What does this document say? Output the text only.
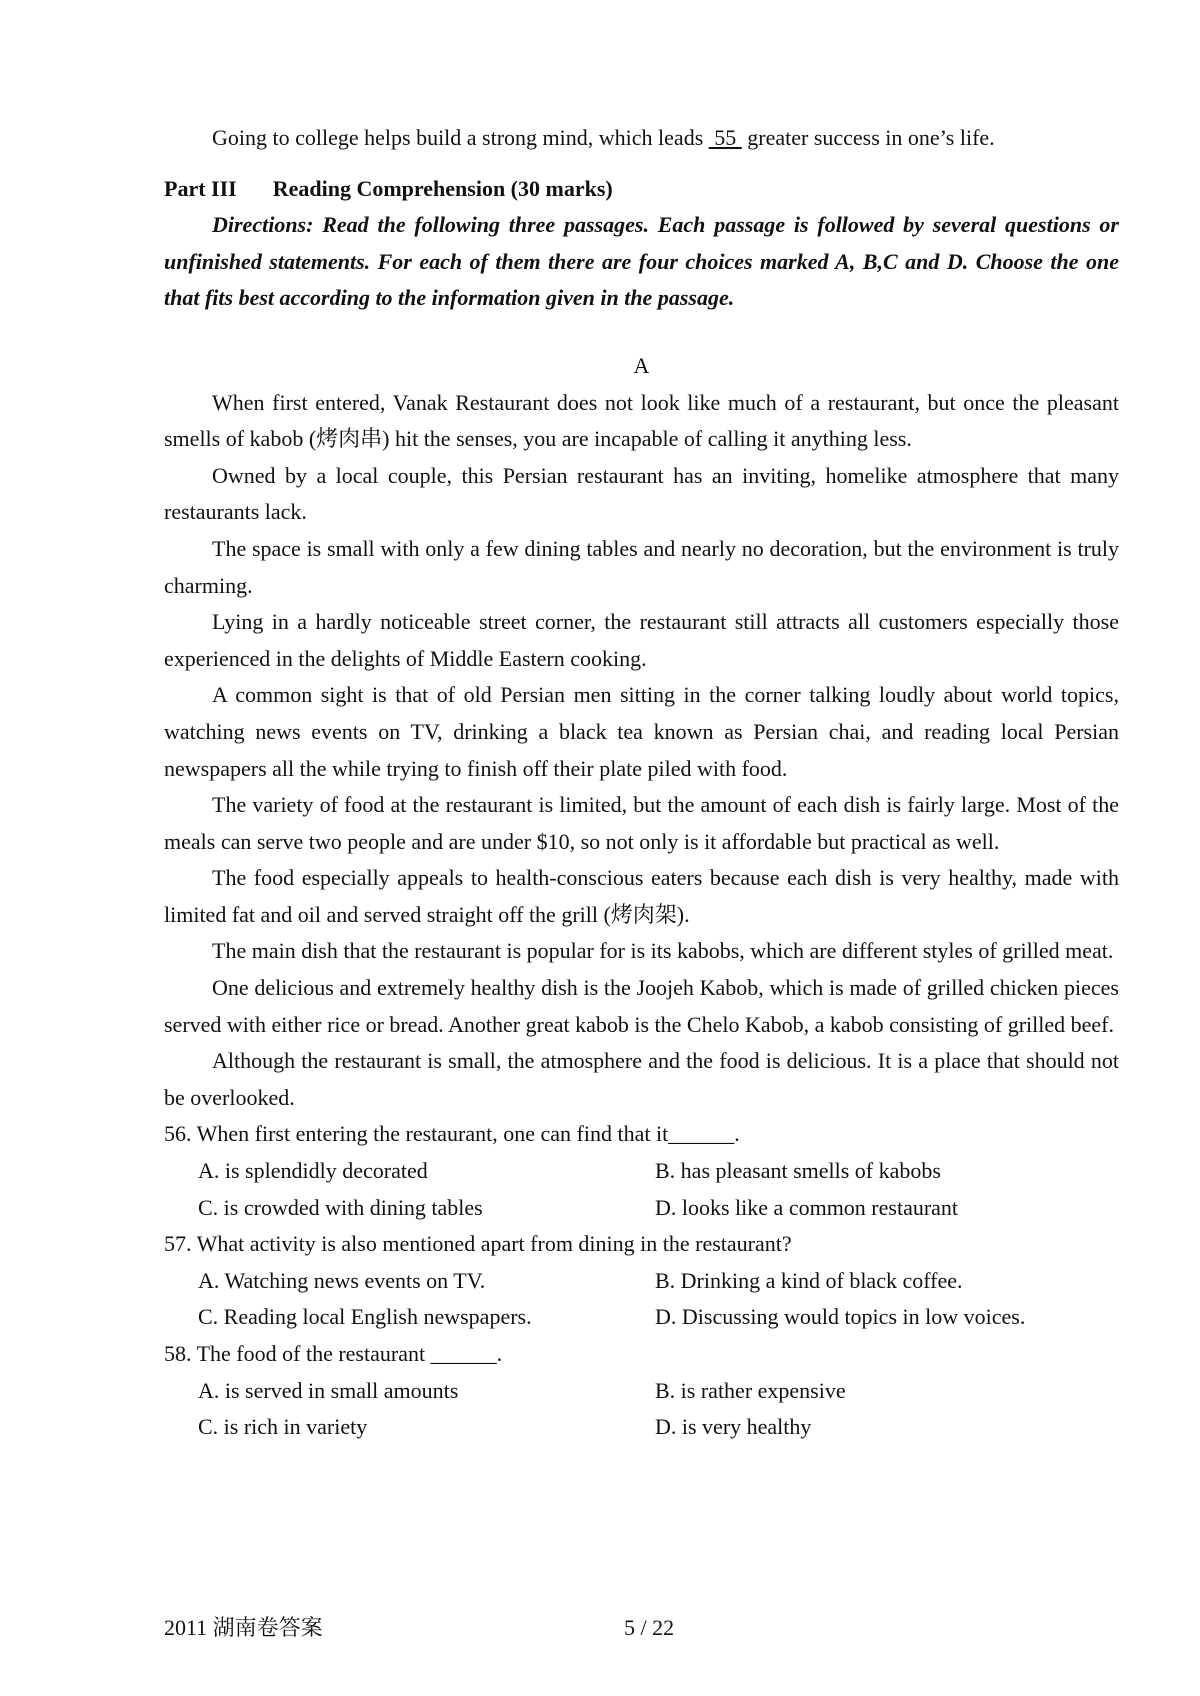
Going to college helps build a strong mind, which leads  55  greater success in one’s life.

Part III Reading Comprehension (30 marks)

Directions: Read the following three passages. Each passage is followed by several questions or unfinished statements. For each of them there are four choices marked A, B,C and D. Choose the one that fits best according to the information given in the passage.

A

When first entered, Vanak Restaurant does not look like much of a restaurant, but once the pleasant smells of kabob (烤肉串) hit the senses, you are incapable of calling it anything less.

Owned by a local couple, this Persian restaurant has an inviting, homelike atmosphere that many restaurants lack.

The space is small with only a few dining tables and nearly no decoration, but the environment is truly charming.

Lying in a hardly noticeable street corner, the restaurant still attracts all customers especially those experienced in the delights of Middle Eastern cooking.

A common sight is that of old Persian men sitting in the corner talking loudly about world topics, watching news events on TV, drinking a black tea known as Persian chai, and reading local Persian newspapers all the while trying to finish off their plate piled with food.

The variety of food at the restaurant is limited, but the amount of each dish is fairly large. Most of the meals can serve two people and are under $10, so not only is it affordable but practical as well.

The food especially appeals to health-conscious eaters because each dish is very healthy, made with limited fat and oil and served straight off the grill (烤肉架).

The main dish that the restaurant is popular for is its kabobs, which are different styles of grilled meat.

One delicious and extremely healthy dish is the Joojeh Kabob, which is made of grilled chicken pieces served with either rice or bread. Another great kabob is the Chelo Kabob, a kabob consisting of grilled beef.

Although the restaurant is small, the atmosphere and the food is delicious. It is a place that should not be overlooked.

56. When first entering the restaurant, one can find that it______.

A. is splendidly decorated	B. has pleasant smells of kabobs
C. is crowded with dining tables	D. looks like a common restaurant

57. What activity is also mentioned apart from dining in the restaurant?

A. Watching news events on TV.	B. Drinking a kind of black coffee.
C. Reading local English newspapers.	D. Discussing would topics in low voices.

58. The food of the restaurant ______.

A. is served in small amounts	B. is rather expensive
C. is rich in variety	D. is very healthy
2011 湖南卷答案	5 / 22
